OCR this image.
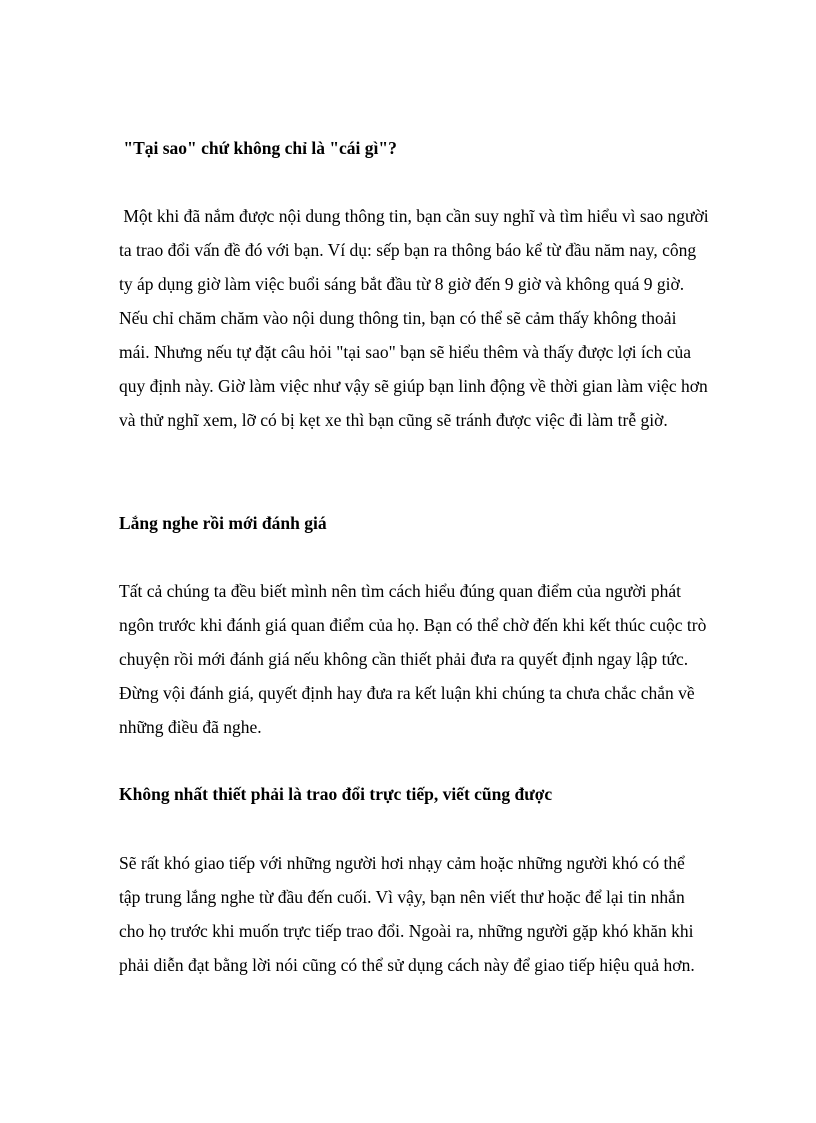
"Tại sao" chứ không chỉ là "cái gì"?

Một khi đã nắm được nội dung thông tin, bạn cần suy nghĩ và tìm hiểu vì sao người ta trao đổi vấn đề đó với bạn. Ví dụ: sếp bạn ra thông báo kể từ đầu năm nay, công ty áp dụng giờ làm việc buổi sáng bắt đầu từ 8 giờ đến 9 giờ và không quá 9 giờ. Nếu chỉ chăm chăm vào nội dung thông tin, bạn có thể sẽ cảm thấy không thoải mái. Nhưng nếu tự đặt câu hỏi "tại sao" bạn sẽ hiểu thêm và thấy được lợi ích của quy định này. Giờ làm việc như vậy sẽ giúp bạn linh động về thời gian làm việc hơn và thử nghĩ xem, lỡ có bị kẹt xe thì bạn cũng sẽ tránh được việc đi làm trễ giờ.

Lắng nghe rồi mới đánh giá

Tất cả chúng ta đều biết mình nên tìm cách hiểu đúng quan điểm của người phát ngôn trước khi đánh giá quan điểm của họ. Bạn có thể chờ đến khi kết thúc cuộc trò chuyện rồi mới đánh giá nếu không cần thiết phải đưa ra quyết định ngay lập tức. Đừng vội đánh giá, quyết định hay đưa ra kết luận khi chúng ta chưa chắc chắn về những điều đã nghe.

Không nhất thiết phải là trao đổi trực tiếp, viết cũng được

Sẽ rất khó giao tiếp với những người hơi nhạy cảm hoặc những người khó có thể tập trung lắng nghe từ đầu đến cuối. Vì vậy, bạn nên viết thư hoặc để lại tin nhắn cho họ trước khi muốn trực tiếp trao đổi. Ngoài ra, những người gặp khó khăn khi phải diễn đạt bằng lời nói cũng có thể sử dụng cách này để giao tiếp hiệu quả hơn.
